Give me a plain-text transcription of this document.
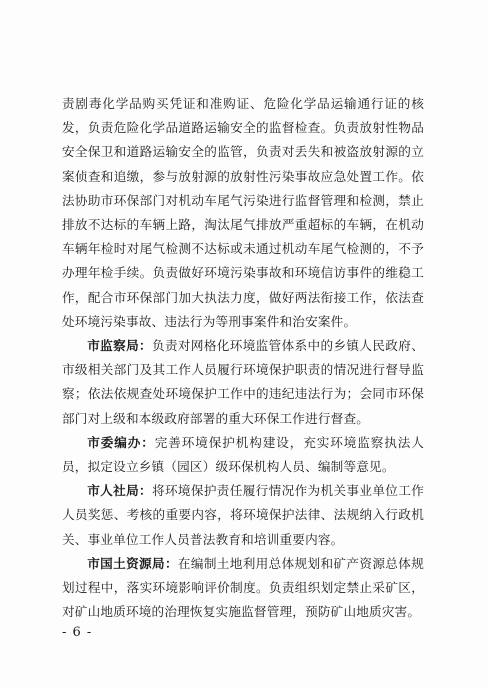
责剧毒化学品购买凭证和准购证、危险化学品运输通行证的核发，负责危险化学品道路运输安全的监督检查。负责放射性物品安全保卫和道路运输安全的监管，负责对丢失和被盗放射源的立案侦查和追缴，参与放射源的放射性污染事故应急处置工作。依法协助市环保部门对机动车尾气污染进行监督管理和检测，禁止排放不达标的车辆上路，淘汰尾气排放严重超标的车辆，在机动车辆年检时对尾气检测不达标或未通过机动车尾气检测的，不予办理年检手续。负责做好环境污染事故和环境信访事件的维稳工作，配合市环保部门加大执法力度，做好两法衔接工作，依法查处环境污染事故、违法行为等刑事案件和治安案件。

市监察局：负责对网格化环境监管体系中的乡镇人民政府、市级相关部门及其工作人员履行环境保护职责的情况进行督导监察；依法依规查处环境保护工作中的违纪违法行为；会同市环保部门对上级和本级政府部署的重大环保工作进行督查。

市委编办：完善环境保护机构建设，充实环境监察执法人员，拟定设立乡镇（园区）级环保机构人员、编制等意见。

市人社局：将环境保护责任履行情况作为机关事业单位工作人员奖惩、考核的重要内容，将环境保护法律、法规纳入行政机关、事业单位工作人员普法教育和培训重要内容。

市国土资源局：在编制土地利用总体规划和矿产资源总体规划过程中，落实环境影响评价制度。负责组织划定禁止采矿区，对矿山地质环境的治理恢复实施监督管理，预防矿山地质灾害。

- 6 -
